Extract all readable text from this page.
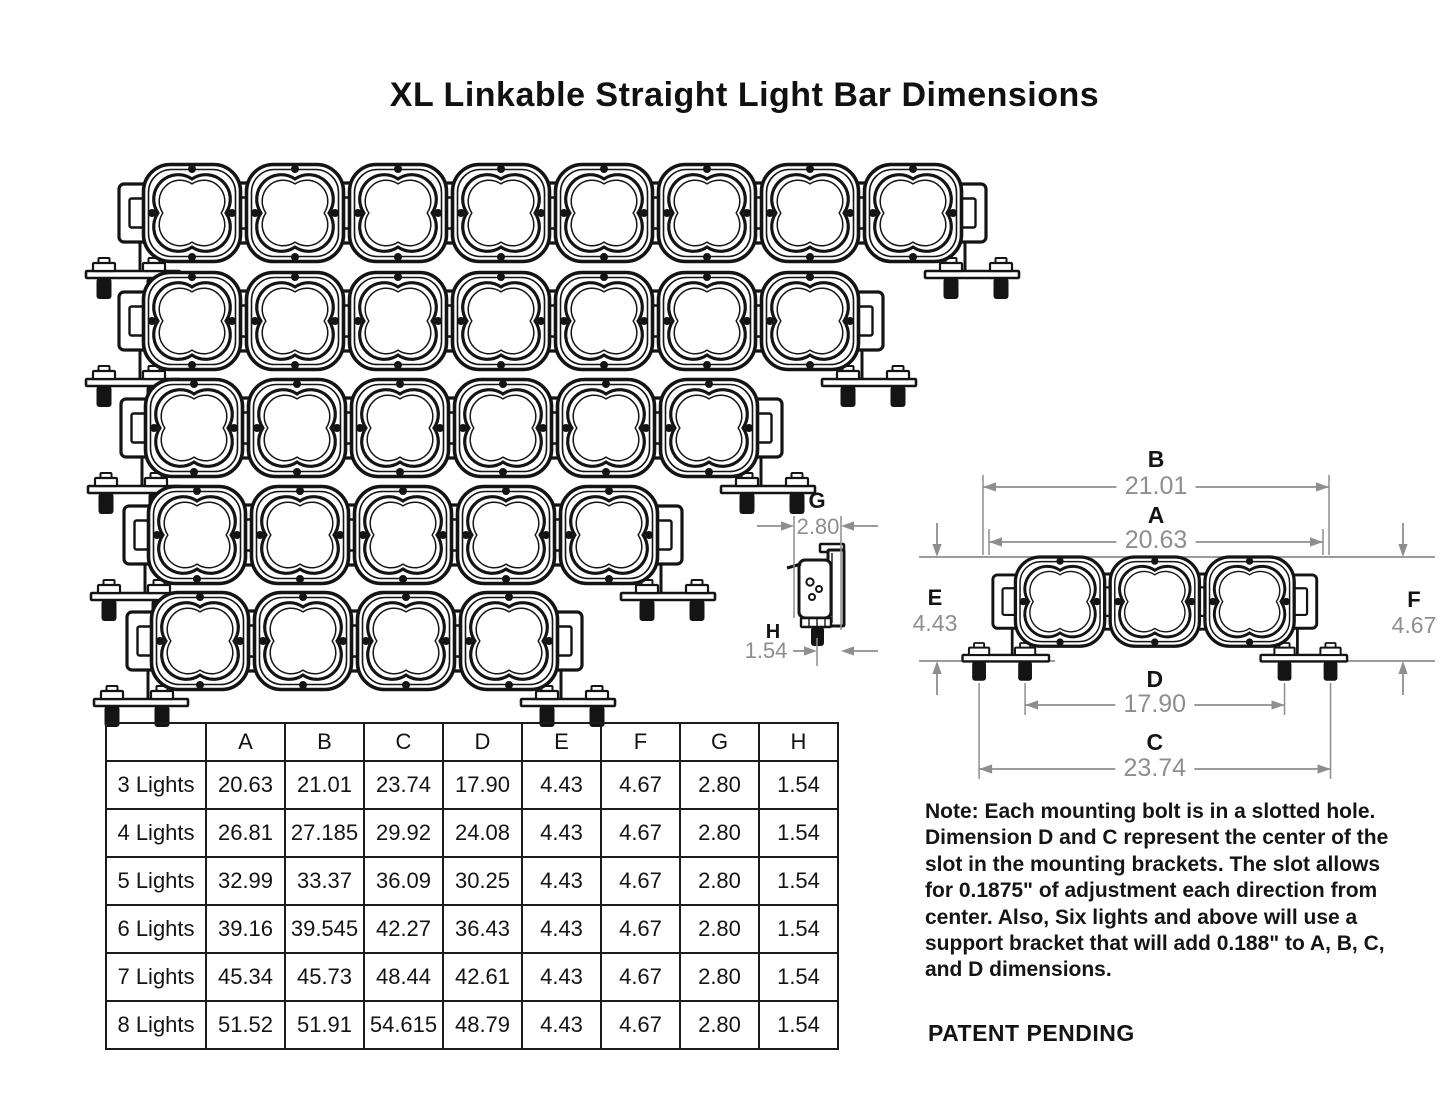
XL Linkable Straight Light Bar Dimensions
G
2.80
H
1.54
B
21.01
A
20.63
E
4.43
F
4.67
D
17.90
C
23.74
	A	B	C	D	E	F	G	H
3 Lights	20.63	21.01	23.74	17.90	4.43	4.67	2.80	1.54
4 Lights	26.81	27.185	29.92	24.08	4.43	4.67	2.80	1.54
5 Lights	32.99	33.37	36.09	30.25	4.43	4.67	2.80	1.54
6 Lights	39.16	39.545	42.27	36.43	4.43	4.67	2.80	1.54
7 Lights	45.34	45.73	48.44	42.61	4.43	4.67	2.80	1.54
8 Lights	51.52	51.91	54.615	48.79	4.43	4.67	2.80	1.54
Note: Each mounting bolt is in a slotted hole.
Dimension D and C represent the center of the
slot in the mounting brackets. The slot allows
for 0.1875" of adjustment each direction from
center. Also, Six lights and above will use a
support bracket that will add 0.188" to A, B, C,
and D dimensions.
PATENT PENDING
